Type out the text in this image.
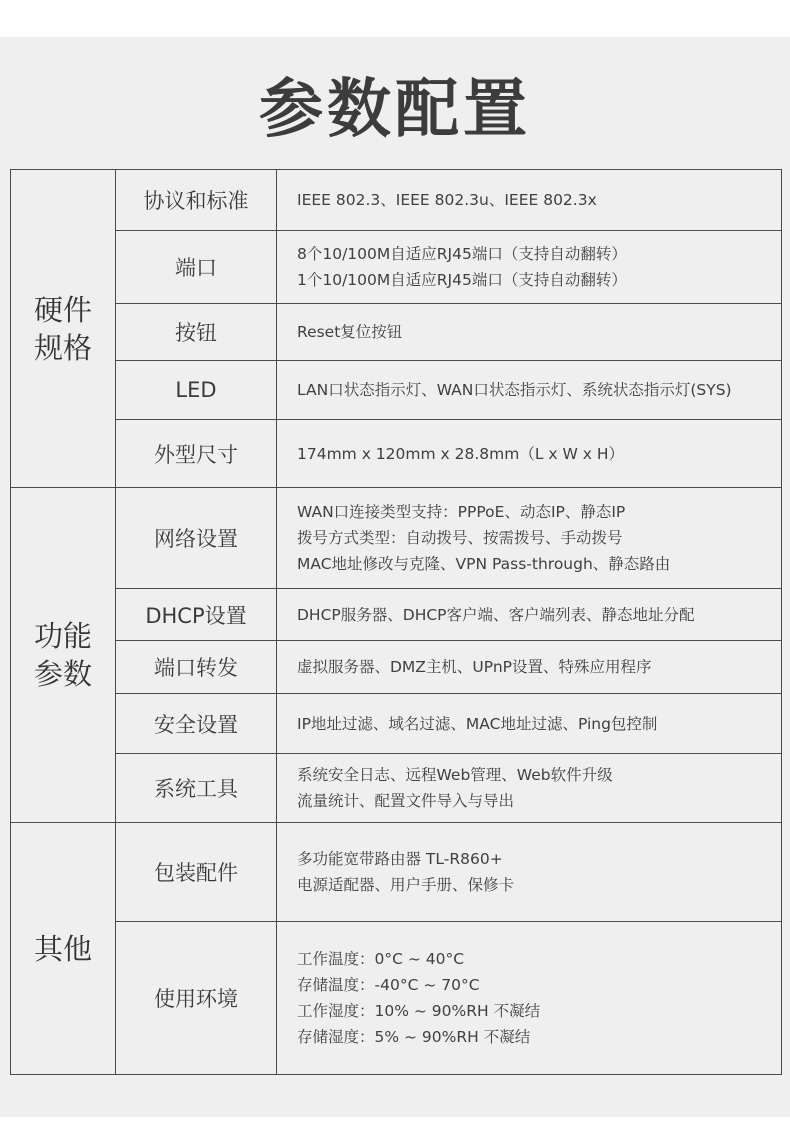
参数配置
硬件规格	协议和标准	IEEE 802.3、IEEE 802.3u、IEEE 802.3x

	端口	8个10/100M自适应RJ45端口（支持自动翻转）
1个10/100M自适应RJ45端口（支持自动翻转）

	按钮	Reset复位按钮

	LED	LAN口状态指示灯、WAN口状态指示灯、系统状态指示灯(SYS)

	外型尺寸	174mm x 120mm x 28.8mm（L x W x H）

功能参数	网络设置	WAN口连接类型支持：PPPoE、动态IP、静态IP
拨号方式类型：自动拨号、按需拨号、手动拨号
MAC地址修改与克隆、VPN Pass-through、静态路由

	DHCP设置	DHCP服务器、DHCP客户端、客户端列表、静态地址分配

	端口转发	虚拟服务器、DMZ主机、UPnP设置、特殊应用程序

	安全设置	IP地址过滤、域名过滤、MAC地址过滤、Ping包控制

	系统工具	系统安全日志、远程Web管理、Web软件升级
流量统计、配置文件导入与导出

其他	包装配件	多功能宽带路由器 TL-R860+
电源适配器、用户手册、保修卡

	使用环境	工作温度：0°C ~ 40°C
存储温度：-40°C ~ 70°C
工作湿度：10% ~ 90%RH 不凝结
存储湿度：5% ~ 90%RH 不凝结
